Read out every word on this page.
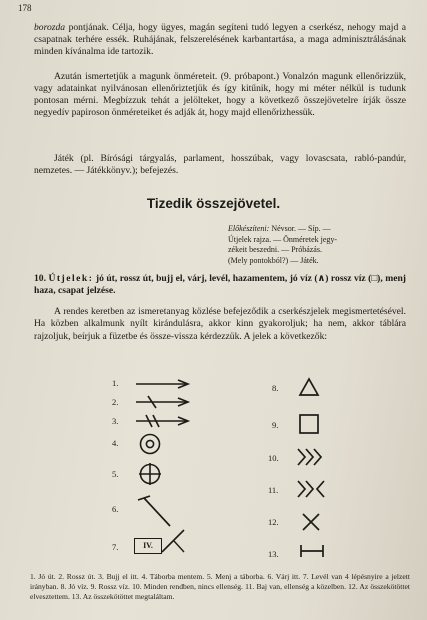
178

borozda pontjának. Célja, hogy ügyes, magán segíteni tudó legyen a cserkész, nehogy majd a csapatnak terhére essék. Ruhájának, felszerelésének karbantartása, a maga adminisztrálásának minden kívánalma ide tartozik.

Azután ismertetjük a magunk önméreteit. (9. próbapont.) Vonalzón magunk ellenőrizzük, vagy adatainkat nyilvánosan ellenőriztetjük és így kitűnik, hogy mi méter nélkül is tudunk pontosan mérni. Megbízzuk tehát a jelölteket, hogy a következő összejövetelre írják össze negyedív papiroson önméreteiket és adják át, hogy majd ellenőrizhessük.

Játék (pl. Bírósági tárgyalás, parlament, hosszúbak, vagy lovascsata, rabló-pandúr, nemzetes. — Játékkönyv.); befejezés.

Tizedik összejövetel.
Előkészíteni: Névsor. — Síp. —
Útjelek rajza. — Önméretek jegy-
zékeit beszedni. — Próbázás.
(Mely pontokból?) — Játék.
10. Útjelek: jó út, rossz út, bujj el, várj, levél, hazamentem, jó víz (∧) rossz víz (□), menj haza, csapat jelzése.

A rendes keretben az ismeretanyag közlése befejeződik a cserkészjelek megismertetésével. Ha közben alkalmunk nyílt kirándulásra, akkor kinn gyakoroljuk; ha nem, akkor táblára rajzoljuk, beírjuk a füzetbe és össze-vissza kérdezzük. A jelek a következők:

1.
2.
3.
4.
5.
6.
7.
8.
9.
10.
11.
12.
13.
IV.
1. Jó út. 2. Rossz út. 3. Bujj el itt. 4. Táborba mentem. 5. Menj a táborba. 6. Várj itt. 7. Levél van 4 lépésnyire a jelzett irányban. 8. Jó víz. 9. Rossz víz. 10. Minden rendben, nincs ellenség. 11. Baj van, ellenség a közelben. 12. Az összekötöttet elvesztettem. 13. Az összekötöttet megtaláltam.
